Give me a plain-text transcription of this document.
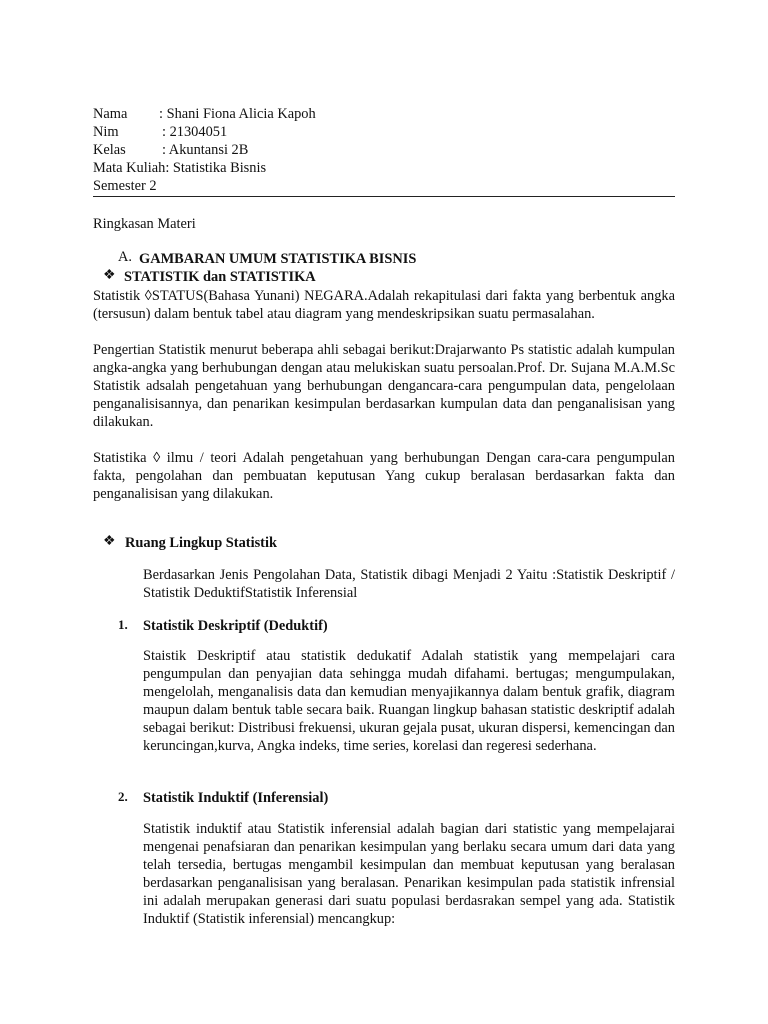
Nama : Shani Fiona Alicia Kapoh
Nim	: 21304051
Kelas	: Akuntansi 2B
Mata Kuliah: Statistika Bisnis
Semester 2
Ringkasan Materi
A. GAMBARAN UMUM STATISTIKA BISNIS
❖ STATISTIK dan STATISTIKA
Statistik ◊STATUS(Bahasa Yunani) NEGARA.Adalah rekapitulasi dari fakta yang berbentuk angka (tersusun) dalam bentuk tabel atau diagram yang mendeskripsikan suatu permasalahan.
Pengertian Statistik menurut beberapa ahli sebagai berikut:Drajarwanto Ps statistic adalah kumpulan angka-angka yang berhubungan dengan atau melukiskan suatu persoalan.Prof. Dr. Sujana M.A.M.Sc Statistik adsalah pengetahuan yang berhubungan dengancara-cara pengumpulan data, pengelolaan penganalisisannya, dan penarikan kesimpulan berdasarkan kumpulan data dan penganalisisan yang dilakukan.
Statistika ◊ ilmu / teori Adalah pengetahuan yang berhubungan Dengan cara-cara pengumpulan fakta, pengolahan dan pembuatan keputusan Yang cukup beralasan berdasarkan fakta dan penganalisisan yang dilakukan.
❖ Ruang Lingkup Statistik
Berdasarkan Jenis Pengolahan Data, Statistik dibagi Menjadi 2 Yaitu :Statistik Deskriptif / Statistik DeduktifStatistik Inferensial
1. Statistik Deskriptif (Deduktif)
Staistik Deskriptif atau statistik dedukatif Adalah statistik yang mempelajari cara pengumpulan dan penyajian data sehingga mudah difahami. bertugas; mengumpulakan, mengelolah, menganalisis data dan kemudian menyajikannya dalam bentuk grafik, diagram maupun dalam bentuk table secara baik. Ruangan lingkup bahasan statistic deskriptif adalah sebagai berikut: Distribusi frekuensi, ukuran gejala pusat, ukuran dispersi, kemencingan dan keruncingan,kurva, Angka indeks, time series, korelasi dan regeresi sederhana.
2. Statistik Induktif (Inferensial)
Statistik induktif atau Statistik inferensial adalah bagian dari statistic yang mempelajarai mengenai penafsiaran dan penarikan kesimpulan yang berlaku secara umum dari data yang telah tersedia, bertugas mengambil kesimpulan dan membuat keputusan yang beralasan berdasarkan penganalisisan yang beralasan. Penarikan kesimpulan pada statistik infrensial ini adalah merupakan generasi dari suatu populasi berdasrakan sempel yang ada. Statistik Induktif (Statistik inferensial) mencangkup:
